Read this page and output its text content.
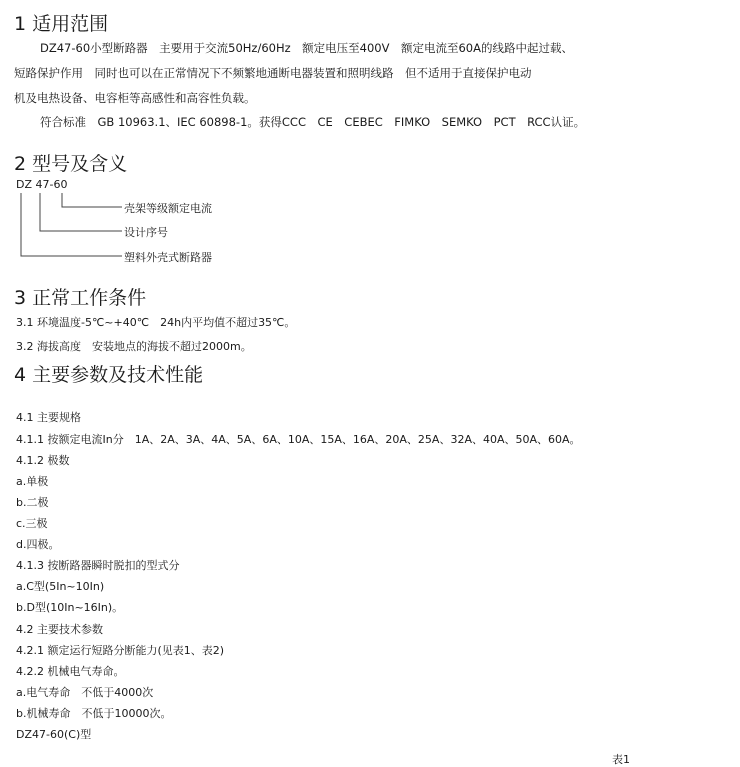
1 适用范围
DZ47-60小型断路器　主要用于交流50Hz/60Hz　额定电压至400V　额定电流至60A的线路中起过载、
短路保护作用　同时也可以在正常情况下不频繁地通断电器装置和照明线路　但不适用于直接保护电动
机及电热设备、电容柜等高感性和高容性负载。
符合标准　GB 10963.1、IEC 60898-1。获得CCC　CE　CEBEC　FIMKO　SEMKO　PCT　RCC认证。
2 型号及含义
DZ 47-60
壳架等级额定电流
设计序号
塑料外壳式断路器
3 正常工作条件
3.1 环境温度-5℃~+40℃　24h内平均值不超过35℃。
3.2 海拔高度　安装地点的海拔不超过2000m。
4 主要参数及技术性能
4.1 主要规格
4.1.1 按额定电流In分　1A、2A、3A、4A、5A、6A、10A、15A、16A、20A、25A、32A、40A、50A、60A。
4.1.2 极数
a.单极
b.二极
c.三极
d.四极。
4.1.3 按断路器瞬时脱扣的型式分
a.C型(5In~10In)
b.D型(10In~16In)。
4.2 主要技术参数
4.2.1 额定运行短路分断能力(见表1、表2)
4.2.2 机械电气寿命。
a.电气寿命　不低于4000次
b.机械寿命　不低于10000次。
DZ47-60(C)型
表1
